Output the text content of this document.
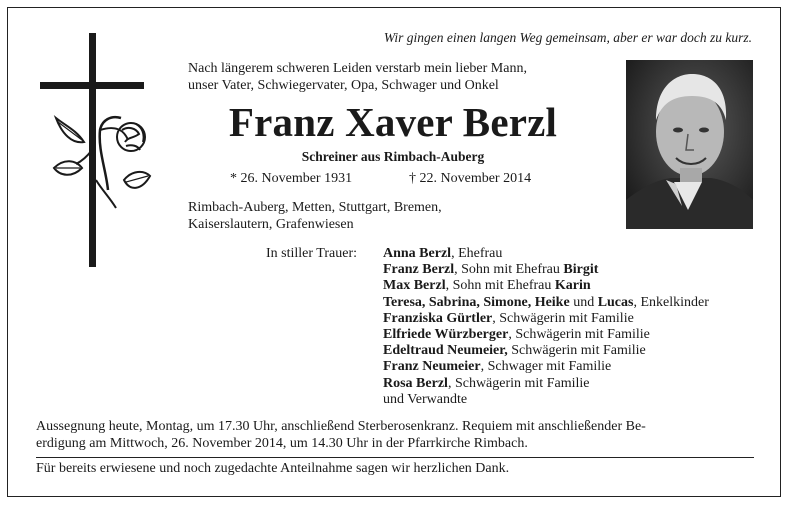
Wir gingen einen langen Weg gemeinsam, aber er war doch zu kurz.
Nach längerem schweren Leiden verstarb mein lieber Mann,
unser Vater, Schwiegervater, Opa, Schwager und Onkel
Franz Xaver Berzl
Schreiner aus Rimbach-Auberg
* 26. November 1931	† 22. November 2014
Rimbach-Auberg, Metten, Stuttgart, Bremen,
Kaiserslautern, Grafenwiesen
In stiller Trauer: Anna Berzl, Ehefrau
Franz Berzl, Sohn mit Ehefrau Birgit
Max Berzl, Sohn mit Ehefrau Karin
Teresa, Sabrina, Simone, Heike und Lucas, Enkelkinder
Franziska Gürtler, Schwägerin mit Familie
Elfriede Würzberger, Schwägerin mit Familie
Edeltraud Neumeier, Schwägerin mit Familie
Franz Neumeier, Schwager mit Familie
Rosa Berzl, Schwägerin mit Familie
und Verwandte
Aussegnung heute, Montag, um 17.30 Uhr, anschließend Sterberosenkranz. Requiem mit anschließender Be-
erdigung am Mittwoch, 26. November 2014, um 14.30 Uhr in der Pfarrkirche Rimbach.
Für bereits erwiesene und noch zugedachte Anteilnahme sagen wir herzlichen Dank.
